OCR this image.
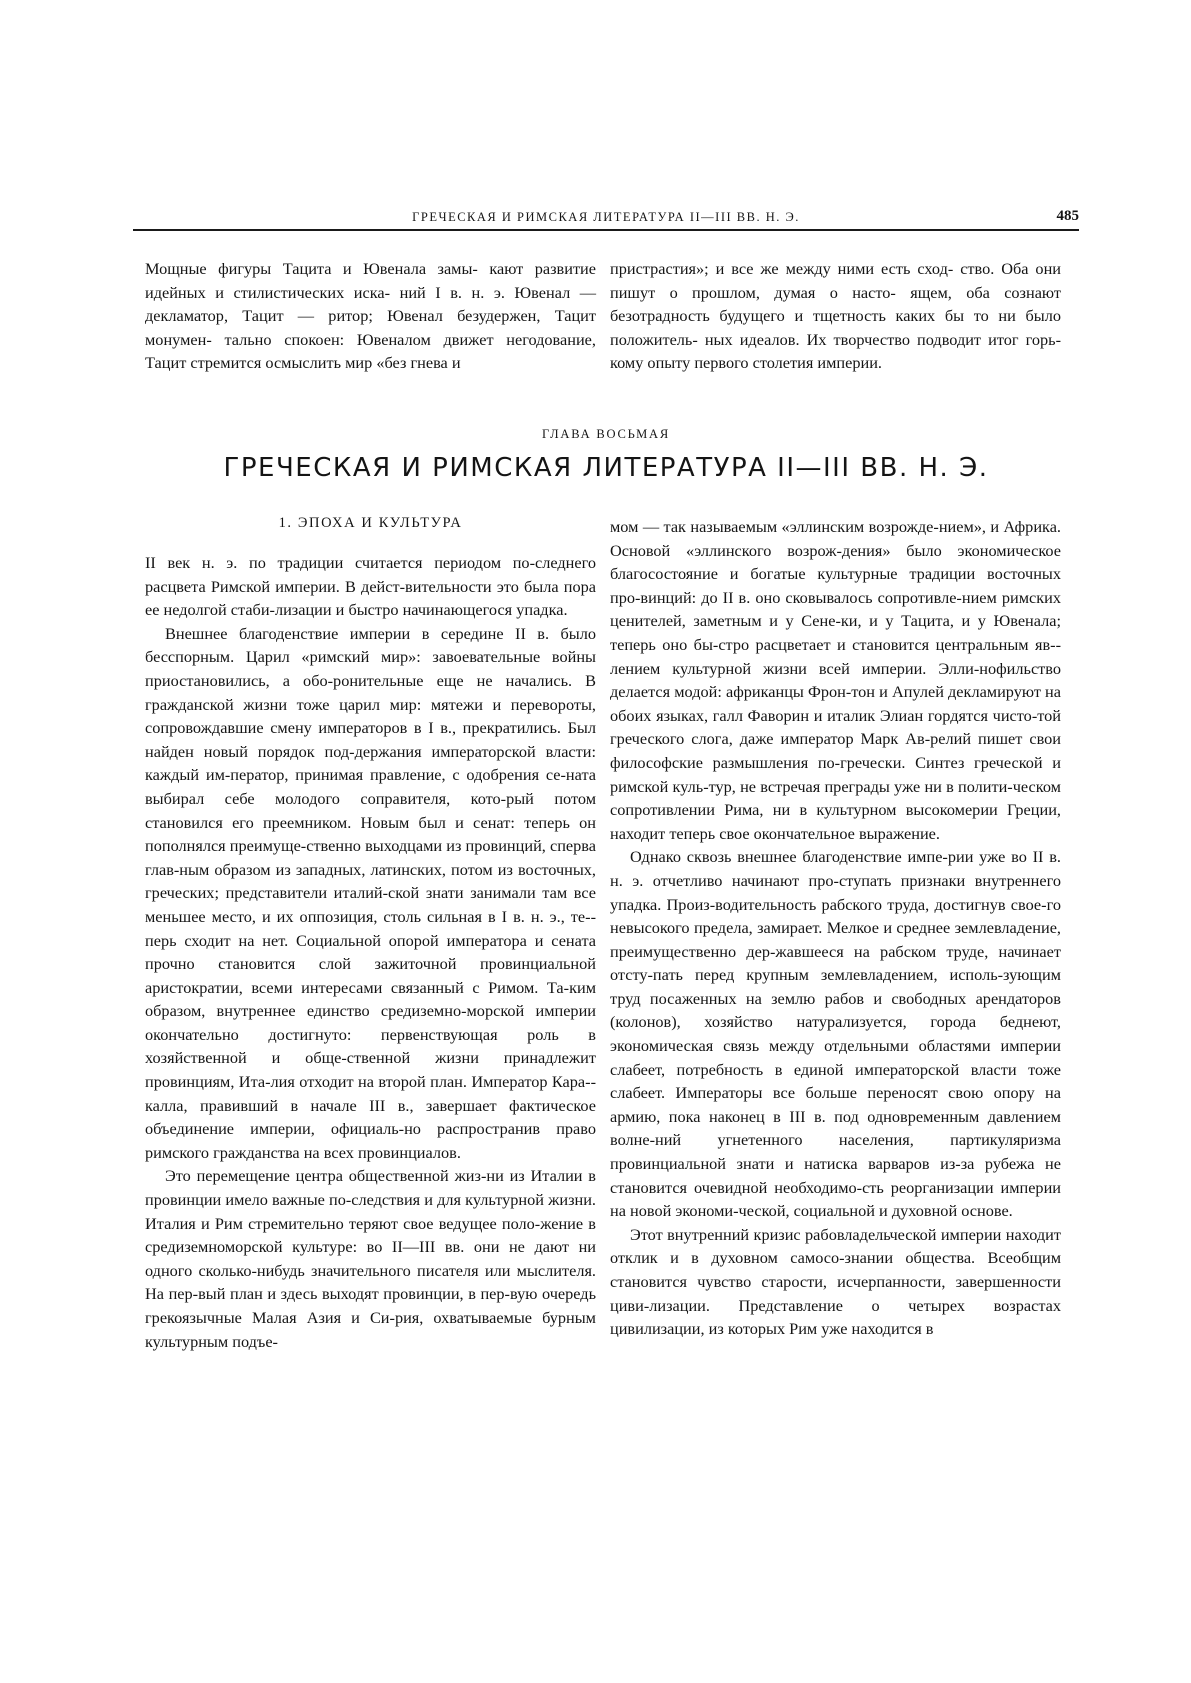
ГРЕЧЕСКАЯ И РИМСКАЯ ЛИТЕРАТУРА II—III ВВ. Н. Э.	485

Мощные фигуры Тацита и Ювенала замы- кают развитие идейных и стилистических иска- ний I в. н. э. Ювенал — декламатор, Тацит — ритор; Ювенал безудержен, Тацит монумен- тально спокоен: Ювеналом движет негодование, Тацит стремится осмыслить мир «без гнева и

пристрастия»; и все же между ними есть сход- ство. Оба они пишут о прошлом, думая о насто- ящем, оба сознают безотрадность будущего и тщетность каких бы то ни было положитель- ных идеалов. Их творчество подводит итог горь- кому опыту первого столетия империи.

ГЛАВА ВОСЬМАЯ
ГРЕЧЕСКАЯ И РИМСКАЯ ЛИТЕРАТУРА II—III ВВ. Н. Э.
1. ЭПОХА И КУЛЬТУРА

II век н. э. по традиции считается периодом по-следнего расцвета Римской империи. В дейст-вительности это была пора ее недолгой стаби-лизации и быстро начинающегося упадка.

Внешнее благоденствие империи в середине II в. было бесспорным. Царил «римский мир»: завоевательные войны приостановились, а обо-ронительные еще не начались. В гражданской жизни тоже царил мир: мятежи и перевороты, сопровождавшие смену императоров в I в., прекратились. Был найден новый порядок под-держания императорской власти: каждый им-ператор, принимая правление, с одобрения се-ната выбирал себе молодого соправителя, кото-рый потом становился его преемником. Новым был и сенат: теперь он пополнялся преимуще-ственно выходцами из провинций, сперва глав-ным образом из западных, латинских, потом из восточных, греческих; представители италий-ской знати занимали там все меньшее место, и их оппозиция, столь сильная в I в. н. э., те-перь сходит на нет. Социальной опорой императора и сената прочно становится слой зажиточной провинциальной аристократии, всеми интересами связанный с Римом. Та-ким образом, внутреннее единство средиземно-морской империи окончательно достигнуто: первенствующая роль в хозяйственной и обще-ственной жизни принадлежит провинциям, Ита-лия отходит на второй план. Император Кара-калла, правивший в начале III в., завершает фактическое объединение империи, официаль-но распространив право римского гражданства на всех провинциалов.

Это перемещение центра общественной жиз-ни из Италии в провинции имело важные по-следствия и для культурной жизни. Италия и Рим стремительно теряют свое ведущее поло-жение в средиземноморской культуре: во II—III вв. они не дают ни одного сколько-нибудь значительного писателя или мыслителя. На пер-вый план и здесь выходят провинции, в пер-вую очередь грекоязычные Малая Азия и Си-рия, охватываемые бурным культурным подъе-

мом — так называемым «эллинским возрожде-нием», и Африка. Основой «эллинского возрож-дения» было экономическое благосостояние и богатые культурные традиции восточных про-винций: до II в. оно сковывалось сопротивле-нием римских ценителей, заметным и у Сене-ки, и у Тацита, и у Ювенала; теперь оно бы-стро расцветает и становится центральным яв-лением культурной жизни всей империи. Элли-нофильство делается модой: африканцы Фрон-тон и Апулей декламируют на обоих языках, галл Фаворин и италик Элиан гордятся чисто-той греческого слога, даже император Марк Ав-релий пишет свои философские размышления по-гречески. Синтез греческой и римской куль-тур, не встречая преграды уже ни в полити-ческом сопротивлении Рима, ни в культурном высокомерии Греции, находит теперь свое окончательное выражение.

Однако сквозь внешнее благоденствие импе-рии уже во II в. н. э. отчетливо начинают про-ступать признаки внутреннего упадка. Произ-водительность рабского труда, достигнув свое-го невысокого предела, замирает. Мелкое и среднее землевладение, преимущественно дер-жавшееся на рабском труде, начинает отсту-пать перед крупным землевладением, исполь-зующим труд посаженных на землю рабов и свободных арендаторов (колонов), хозяйство натурализуется, города беднеют, экономическая связь между отдельными областями империи слабеет, потребность в единой императорской власти тоже слабеет. Императоры все больше переносят свою опору на армию, пока наконец в III в. под одновременным давлением волне-ний угнетенного населения, партикуляризма провинциальной знати и натиска варваров из-за рубежа не становится очевидной необходимо-сть реорганизации империи на новой экономи-ческой, социальной и духовной основе.

Этот внутренний кризис рабовладельческой империи находит отклик и в духовном самосо-знании общества. Всеобщим становится чувство старости, исчерпанности, завершенности циви-лизации. Представление о четырех возрастах цивилизации, из которых Рим уже находится в
